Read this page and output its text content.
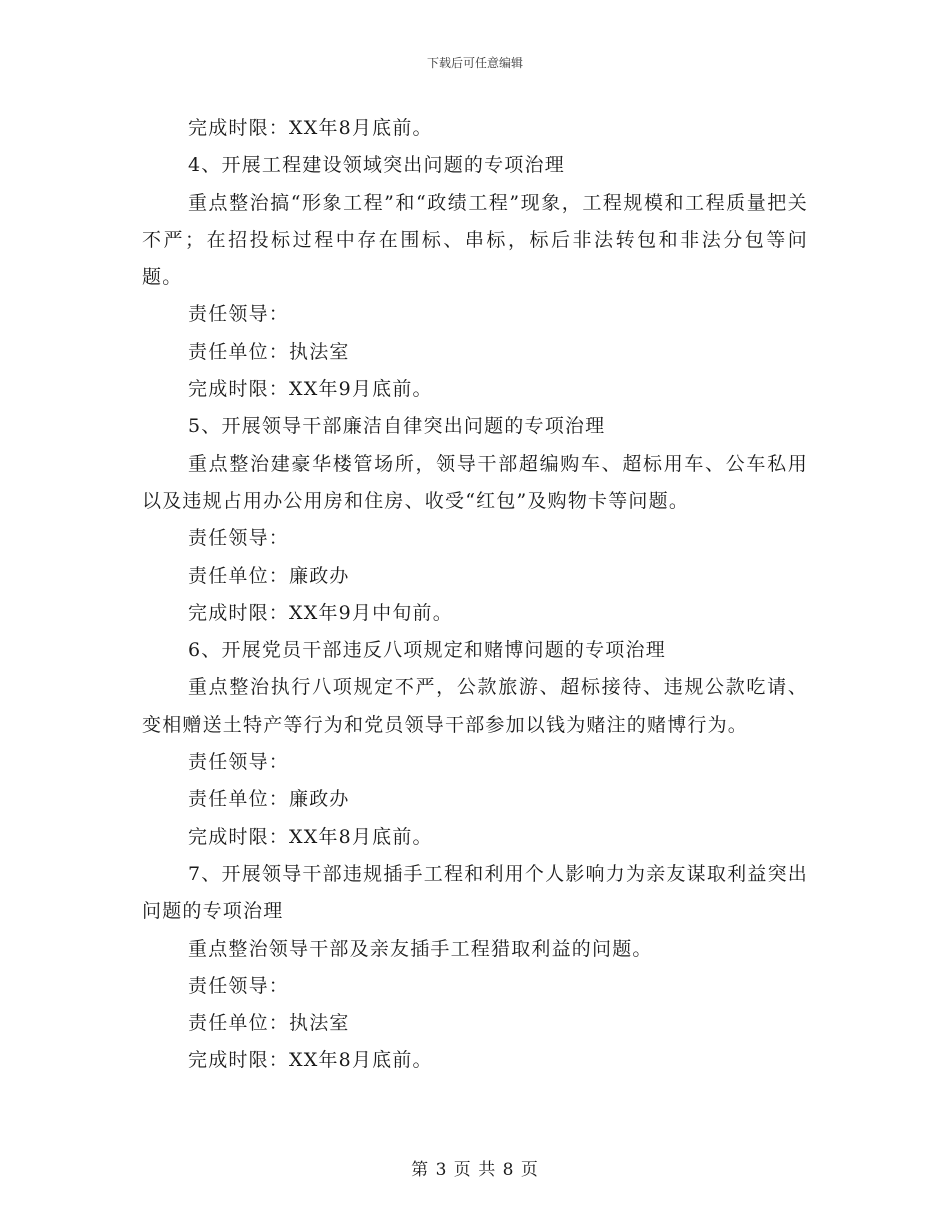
下载后可任意编辑

完成时限：XX年8月底前。

4、开展工程建设领域突出问题的专项治理

重点整治搞“形象工程”和“政绩工程”现象，工程规模和工程质量把关不严；在招投标过程中存在围标、串标，标后非法转包和非法分包等问题。

责任领导：

责任单位：执法室

完成时限：XX年9月底前。

5、开展领导干部廉洁自律突出问题的专项治理

重点整治建豪华楼管场所，领导干部超编购车、超标用车、公车私用以及违规占用办公用房和住房、收受“红包”及购物卡等问题。

责任领导：

责任单位：廉政办

完成时限：XX年9月中旬前。

6、开展党员干部违反八项规定和赌博问题的专项治理

重点整治执行八项规定不严，公款旅游、超标接待、违规公款吃请、变相赠送土特产等行为和党员领导干部参加以钱为赌注的赌博行为。

责任领导：

责任单位：廉政办

完成时限：XX年8月底前。

7、开展领导干部违规插手工程和利用个人影响力为亲友谋取利益突出问题的专项治理

重点整治领导干部及亲友插手工程猎取利益的问题。

责任领导：

责任单位：执法室

完成时限：XX年8月底前。

第 3 页 共 8 页
